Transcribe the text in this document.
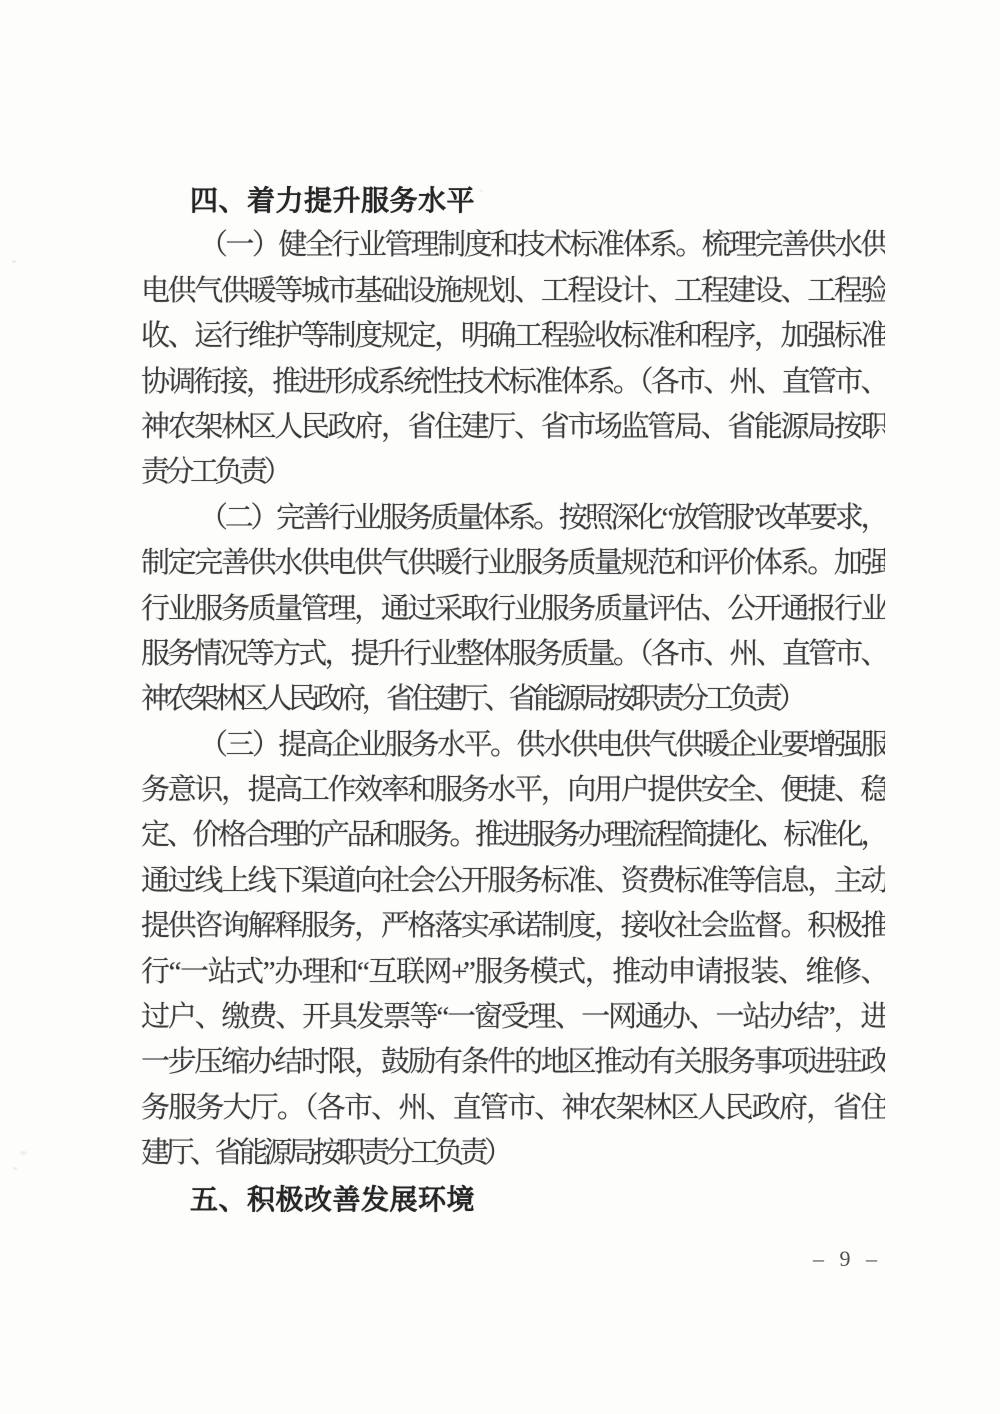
四、着力提升服务水平
（一）健全行业管理制度和技术标准体系。梳理完善供水供
电供气供暖等城市基础设施规划、工程设计、工程建设、工程验
收、运行维护等制度规定，明确工程验收标准和程序，加强标准
协调衔接，推进形成系统性技术标准体系。（各市、州、直管市、
神农架林区人民政府，省住建厅、省市场监管局、省能源局按职
责分工负责）
（二）完善行业服务质量体系。按照深化“放管服”改革要求，
制定完善供水供电供气供暖行业服务质量规范和评价体系。加强
行业服务质量管理，通过采取行业服务质量评估、公开通报行业
服务情况等方式，提升行业整体服务质量。（各市、州、直管市、
神农架林区人民政府，省住建厅、省能源局按职责分工负责）
（三）提高企业服务水平。供水供电供气供暖企业要增强服
务意识，提高工作效率和服务水平，向用户提供安全、便捷、稳
定、价格合理的产品和服务。推进服务办理流程简捷化、标准化，
通过线上线下渠道向社会公开服务标准、资费标准等信息，主动
提供咨询解释服务，严格落实承诺制度，接收社会监督。积极推
行“一站式”办理和“互联网+”服务模式，推动申请报装、维修、
过户、缴费、开具发票等“一窗受理、一网通办、一站办结”，进
一步压缩办结时限，鼓励有条件的地区推动有关服务事项进驻政
务服务大厅。（各市、州、直管市、神农架林区人民政府，省住
建厅、省能源局按职责分工负责）
五、积极改善发展环境
– 9 –
